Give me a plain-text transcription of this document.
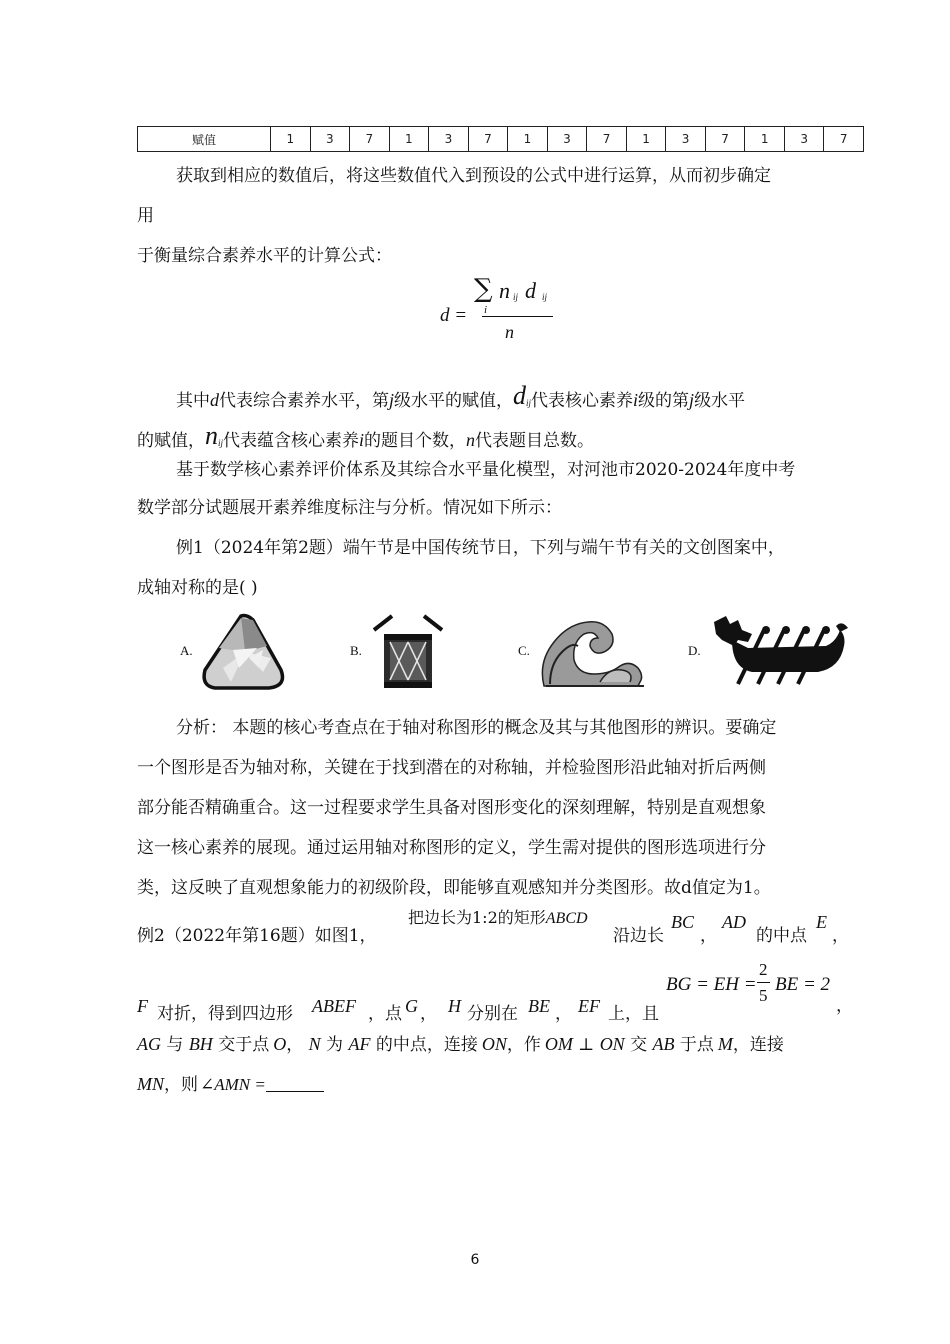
赋值	1	3	7	1	3	7	1	3	7	1	3	7	1	3	7
获取到相应的数值后，将这些数值代入到预设的公式中进行运算，从而初步确定
用
于衡量综合素养水平的计算公式：
d =
∑
i
n ij d ij
n
其中d代表综合素养水平，第j级水平的赋值，dij代表核心素养i级的第j级水平
的赋值，nij代表蕴含核心素养i的题目个数，n代表题目总数。
基于数学核心素养评价体系及其综合水平量化模型，对河池市2020-2024年度中考
数学部分试题展开素养维度标注与分析。情况如下所示：
例1（2024年第2题）端午节是中国传统节日，下列与端午节有关的文创图案中，
成轴对称的是( )
A.	B.	C.	D.
分析： 本题的核心考查点在于轴对称图形的概念及其与其他图形的辨识。要确定
一个图形是否为轴对称，关键在于找到潜在的对称轴，并检验图形沿此轴对折后两侧
部分能否精确重合。这一过程要求学生具备对图形变化的深刻理解，特别是直观想象
这一核心素养的展现。通过运用轴对称图形的定义，学生需对提供的图形选项进行分
类，这反映了直观想象能力的初级阶段，即能够直观感知并分类图形。故d值定为1。
例2（2022年第16题）如图1，
把边长为1:2的矩形ABCD
沿边长
BC
，
AD
的中点
E
，
F 对折，得到四边形 ABEF ，点 G ， H 分别在 BE ， EF 上，且
BG = EH =
2
5
BE = 2
，
AG 与 BH 交于点 O， N 为 AF 的中点，连接 ON，作 OM ⊥ ON 交 AB 于点 M，连接
MN，则 ∠AMN =
6
